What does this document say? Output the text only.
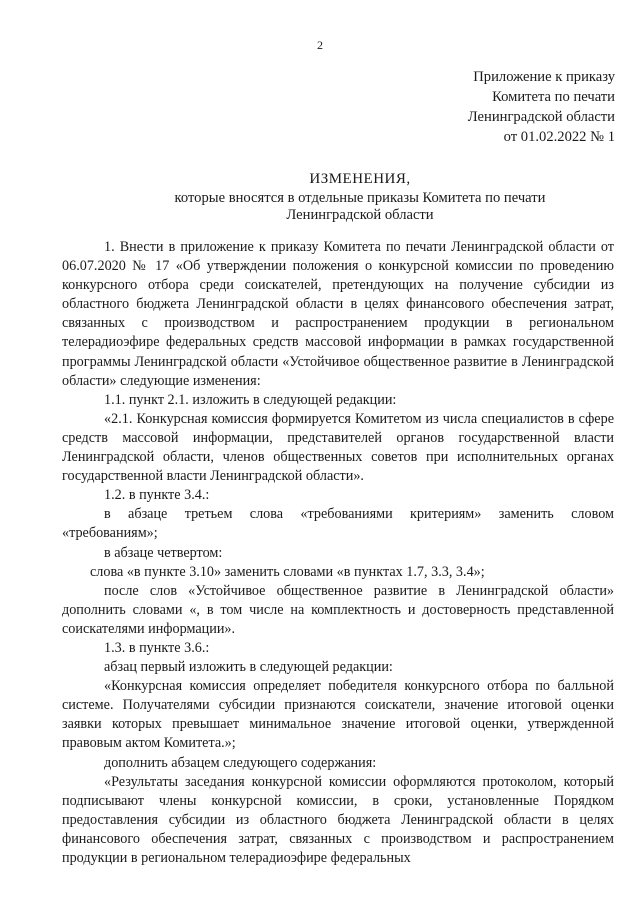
2
Приложение к приказу
Комитета по печати
Ленинградской области
от 01.02.2022 № 1
ИЗМЕНЕНИЯ,
которые вносятся в отдельные приказы Комитета по печати
Ленинградской области

1. Внести в приложение к приказу Комитета по печати Ленинградской области от 06.07.2020 № 17 «Об утверждении положения о конкурсной комиссии по проведению конкурсного отбора среди соискателей, претендующих на получение субсидии из областного бюджета Ленинградской области в целях финансового обеспечения затрат, связанных с производством и распространением продукции в региональном телерадиоэфире федеральных средств массовой информации в рамках государственной программы Ленинградской области «Устойчивое общественное развитие в Ленинградской области» следующие изменения:

1.1. пункт 2.1. изложить в следующей редакции:

«2.1. Конкурсная комиссия формируется Комитетом из числа специалистов в сфере средств массовой информации, представителей органов государственной власти Ленинградской области, членов общественных советов при исполнительных органах государственной власти Ленинградской области».

1.2. в пункте 3.4.:

в абзаце третьем слова «требованиями критериям» заменить словом «требованиям»;

в абзаце четвертом:

слова «в пункте 3.10» заменить словами «в пунктах 1.7, 3.3, 3.4»;

после слов «Устойчивое общественное развитие в Ленинградской области» дополнить словами «, в том числе на комплектность и достоверность представленной соискателями информации».

1.3. в пункте 3.6.:

абзац первый изложить в следующей редакции:

«Конкурсная комиссия определяет победителя конкурсного отбора по балльной системе. Получателями субсидии признаются соискатели, значение итоговой оценки заявки которых превышает минимальное значение итоговой оценки, утвержденной правовым актом Комитета.»;

дополнить абзацем следующего содержания:

«Результаты заседания конкурсной комиссии оформляются протоколом, который подписывают члены конкурсной комиссии, в сроки, установленные Порядком предоставления субсидии из областного бюджета Ленинградской области в целях финансового обеспечения затрат, связанных с производством и распространением продукции в региональном телерадиоэфире федеральных
